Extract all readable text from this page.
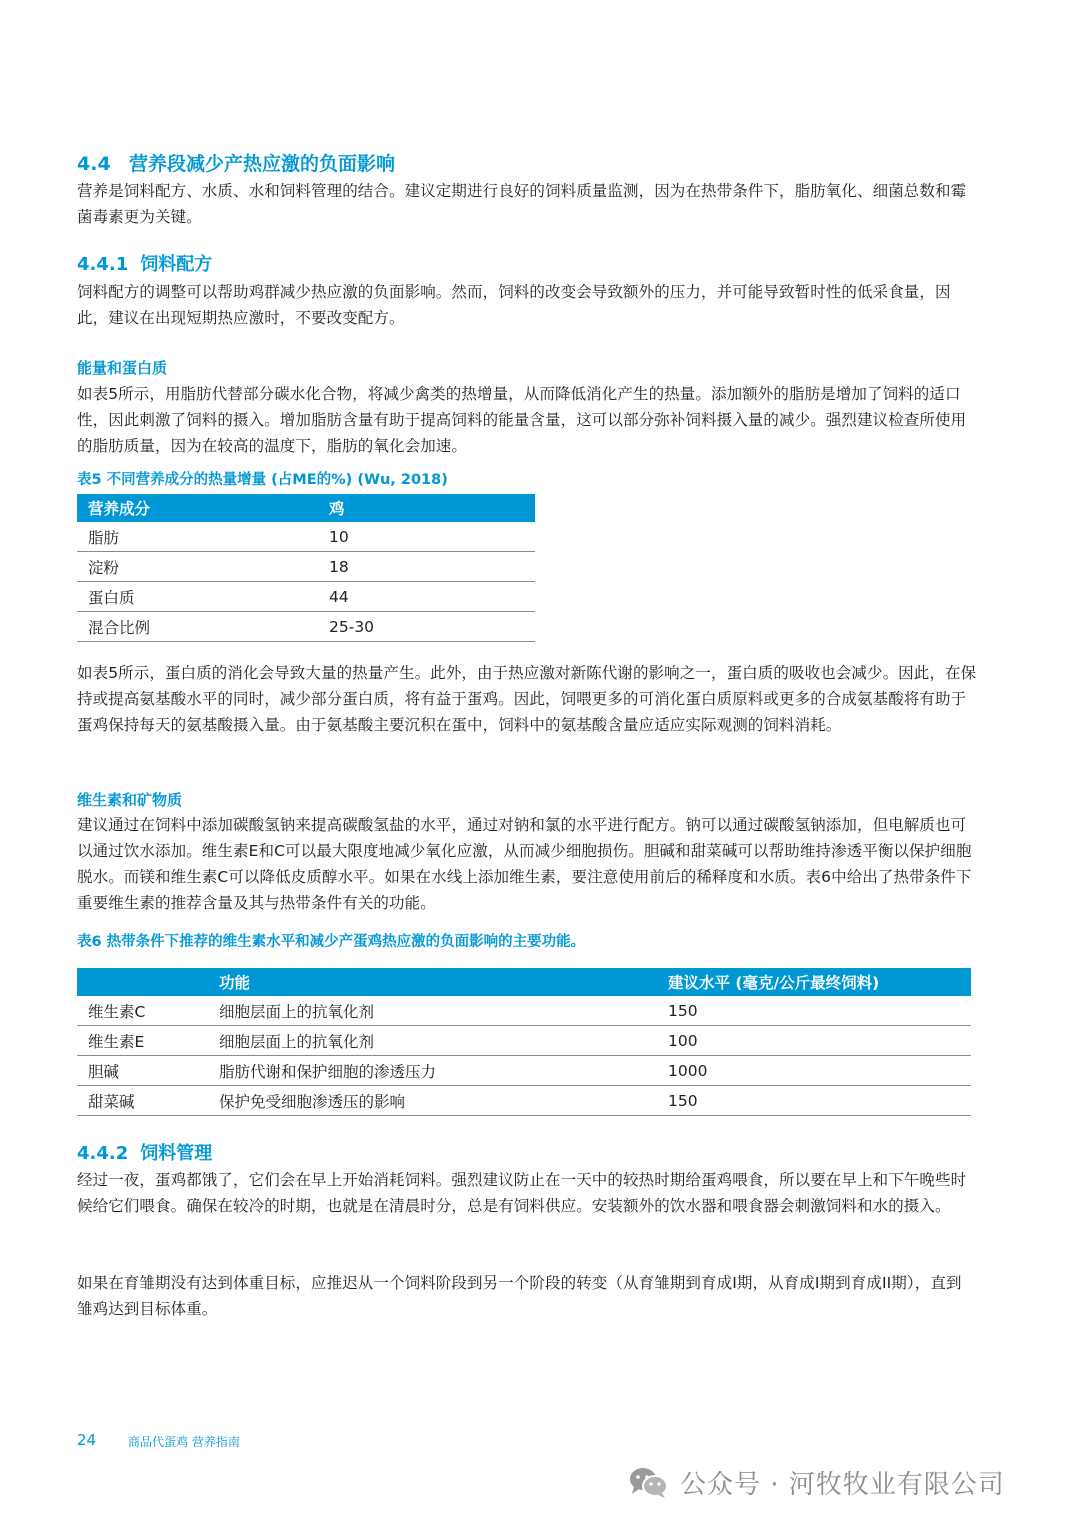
4.4 营养段减少产热应激的负面影响
营养是饲料配方、水质、水和饲料管理的结合。建议定期进行良好的饲料质量监测，因为在热带条件下，脂肪氧化、细菌总数和霉菌毒素更为关键。
4.4.1 饲料配方
饲料配方的调整可以帮助鸡群减少热应激的负面影响。然而，饲料的改变会导致额外的压力，并可能导致暂时性的低采食量，因此，建议在出现短期热应激时，不要改变配方。
能量和蛋白质
如表5所示，用脂肪代替部分碳水化合物，将减少禽类的热增量，从而降低消化产生的热量。添加额外的脂肪是增加了饲料的适口性，因此刺激了饲料的摄入。增加脂肪含量有助于提高饲料的能量含量，这可以部分弥补饲料摄入量的减少。强烈建议检查所使用的脂肪质量，因为在较高的温度下，脂肪的氧化会加速。
表5 不同营养成分的热量增量 (占ME的%) (Wu, 2018)
营养成分	鸡
脂肪	10
淀粉	18
蛋白质	44
混合比例	25-30
如表5所示，蛋白质的消化会导致大量的热量产生。此外，由于热应激对新陈代谢的影响之一，蛋白质的吸收也会减少。因此，在保持或提高氨基酸水平的同时，减少部分蛋白质，将有益于蛋鸡。因此，饲喂更多的可消化蛋白质原料或更多的合成氨基酸将有助于蛋鸡保持每天的氨基酸摄入量。由于氨基酸主要沉积在蛋中，饲料中的氨基酸含量应适应实际观测的饲料消耗。
维生素和矿物质
建议通过在饲料中添加碳酸氢钠来提高碳酸氢盐的水平，通过对钠和氯的水平进行配方。钠可以通过碳酸氢钠添加，但电解质也可以通过饮水添加。维生素E和C可以最大限度地减少氧化应激，从而减少细胞损伤。胆碱和甜菜碱可以帮助维持渗透平衡以保护细胞脱水。而镁和维生素C可以降低皮质醇水平。如果在水线上添加维生素，要注意使用前后的稀释度和水质。表6中给出了热带条件下重要维生素的推荐含量及其与热带条件有关的功能。
表6 热带条件下推荐的维生素水平和减少产蛋鸡热应激的负面影响的主要功能。
	功能	建议水平 (毫克/公斤最终饲料)
维生素C	细胞层面上的抗氧化剂	150
维生素E	细胞层面上的抗氧化剂	100
胆碱	脂肪代谢和保护细胞的渗透压力	1000
甜菜碱	保护免受细胞渗透压的影响	150
4.4.2 饲料管理
经过一夜，蛋鸡都饿了，它们会在早上开始消耗饲料。强烈建议防止在一天中的较热时期给蛋鸡喂食，所以要在早上和下午晚些时候给它们喂食。确保在较冷的时期，也就是在清晨时分，总是有饲料供应。安装额外的饮水器和喂食器会刺激饲料和水的摄入。
如果在育雏期没有达到体重目标，应推迟从一个饲料阶段到另一个阶段的转变（从育雏期到育成I期，从育成I期到育成II期），直到雏鸡达到目标体重。
24	商品代蛋鸡 营养指南
公众号 · 河牧牧业有限公司
